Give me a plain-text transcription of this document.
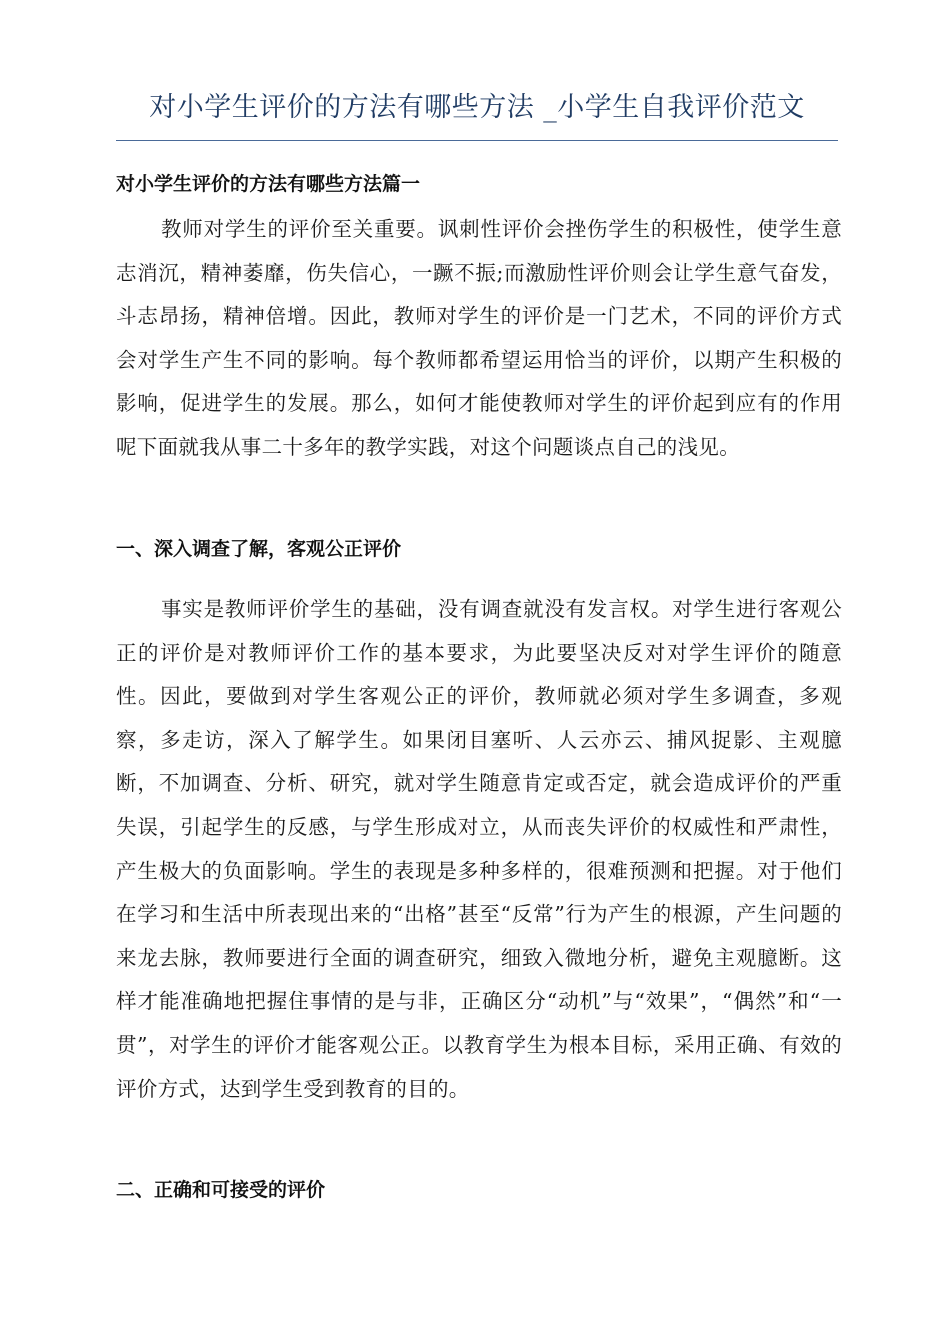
对小学生评价的方法有哪些方法 _小学生自我评价范文
对小学生评价的方法有哪些方法篇一

教师对学生的评价至关重要。讽刺性评价会挫伤学生的积极性，使学生意志消沉，精神萎靡，伤失信心，一蹶不振;而激励性评价则会让学生意气奋发，斗志昂扬，精神倍增。因此，教师对学生的评价是一门艺术，不同的评价方式会对学生产生不同的影响。每个教师都希望运用恰当的评价，以期产生积极的影响，促进学生的发展。那么，如何才能使教师对学生的评价起到应有的作用呢下面就我从事二十多年的教学实践，对这个问题谈点自己的浅见。

一、深入调查了解，客观公正评价

事实是教师评价学生的基础，没有调查就没有发言权。对学生进行客观公正的评价是对教师评价工作的基本要求，为此要坚决反对对学生评价的随意性。因此，要做到对学生客观公正的评价，教师就必须对学生多调查，多观察，多走访，深入了解学生。如果闭目塞听、人云亦云、捕风捉影、主观臆断，不加调查、分析、研究，就对学生随意肯定或否定，就会造成评价的严重失误，引起学生的反感，与学生形成对立，从而丧失评价的权威性和严肃性，产生极大的负面影响。学生的表现是多种多样的，很难预测和把握。对于他们在学习和生活中所表现出来的“出格”甚至“反常”行为产生的根源，产生问题的来龙去脉，教师要进行全面的调查研究，细致入微地分析，避免主观臆断。这样才能准确地把握住事情的是与非，正确区分“动机”与“效果”，“偶然”和“一贯”，对学生的评价才能客观公正。以教育学生为根本目标，采用正确、有效的评价方式，达到学生受到教育的目的。

二、正确和可接受的评价
